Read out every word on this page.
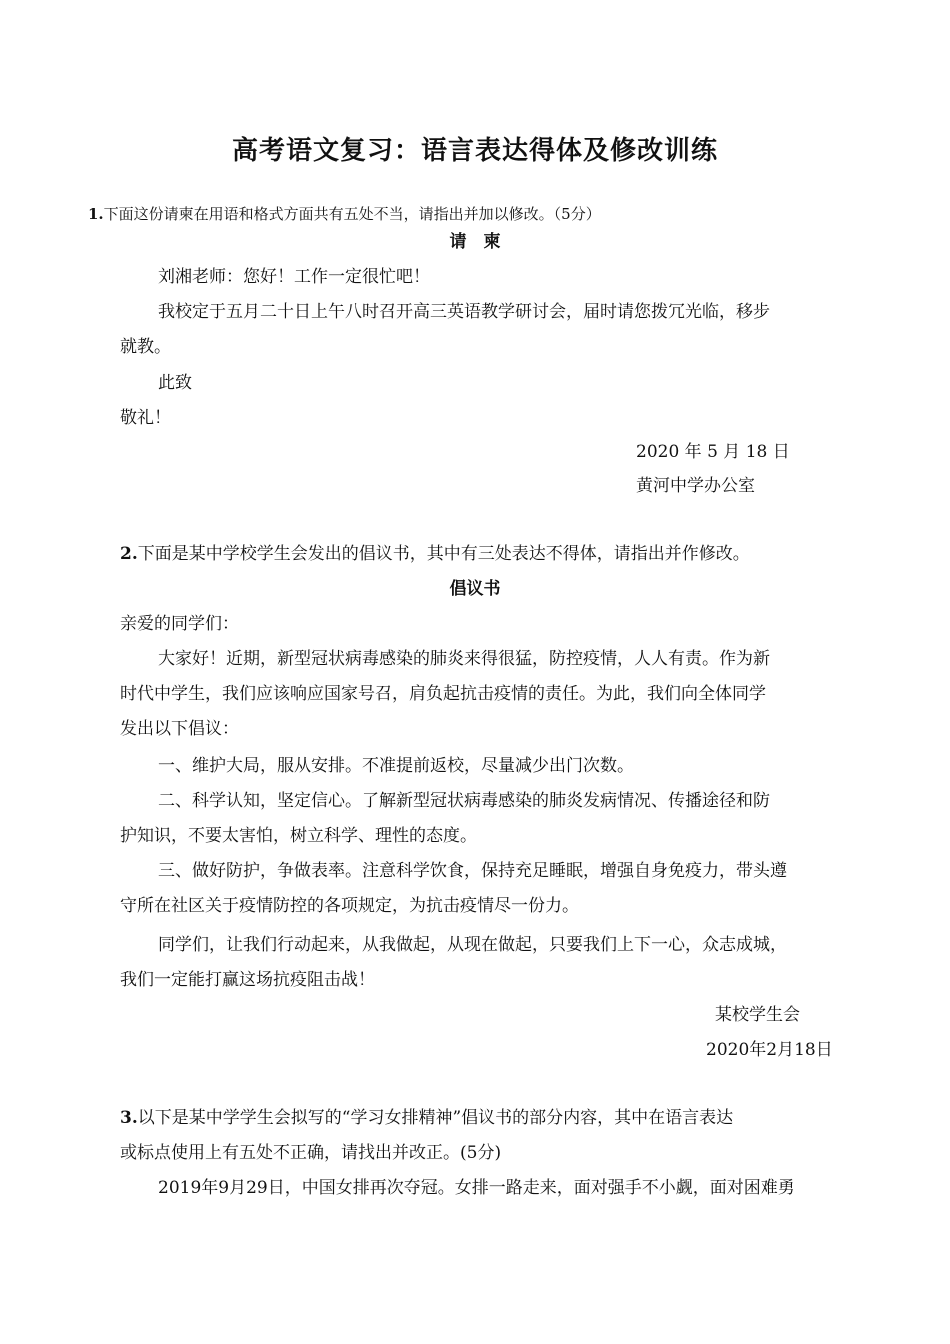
高考语文复习：语言表达得体及修改训练
1.下面这份请柬在用语和格式方面共有五处不当，请指出并加以修改。（5分）
请　柬
刘湘老师：您好！工作一定很忙吧！
我校定于五月二十日上午八时召开高三英语教学研讨会，届时请您拨冗光临，移步
就教。
此致
敬礼！
2020 年 5 月 18 日
黄河中学办公室
2.下面是某中学校学生会发出的倡议书，其中有三处表达不得体，请指出并作修改。
倡议书
亲爱的同学们：
大家好！近期，新型冠状病毒感染的肺炎来得很猛，防控疫情，人人有责。作为新
时代中学生，我们应该响应国家号召，肩负起抗击疫情的责任。为此，我们向全体同学
发出以下倡议：
一、维护大局，服从安排。不准提前返校，尽量减少出门次数。
二、科学认知，坚定信心。了解新型冠状病毒感染的肺炎发病情况、传播途径和防
护知识，不要太害怕，树立科学、理性的态度。
三、做好防护，争做表率。注意科学饮食，保持充足睡眠，增强自身免疫力，带头遵
守所在社区关于疫情防控的各项规定，为抗击疫情尽一份力。
同学们，让我们行动起来，从我做起，从现在做起，只要我们上下一心，众志成城，
我们一定能打赢这场抗疫阻击战！
某校学生会
2020年2月18日
3.以下是某中学学生会拟写的“学习女排精神”倡议书的部分内容，其中在语言表达
或标点使用上有五处不正确，请找出并改正。(5分)
2019年9月29日，中国女排再次夺冠。女排一路走来，面对强手不小觑，面对困难勇
